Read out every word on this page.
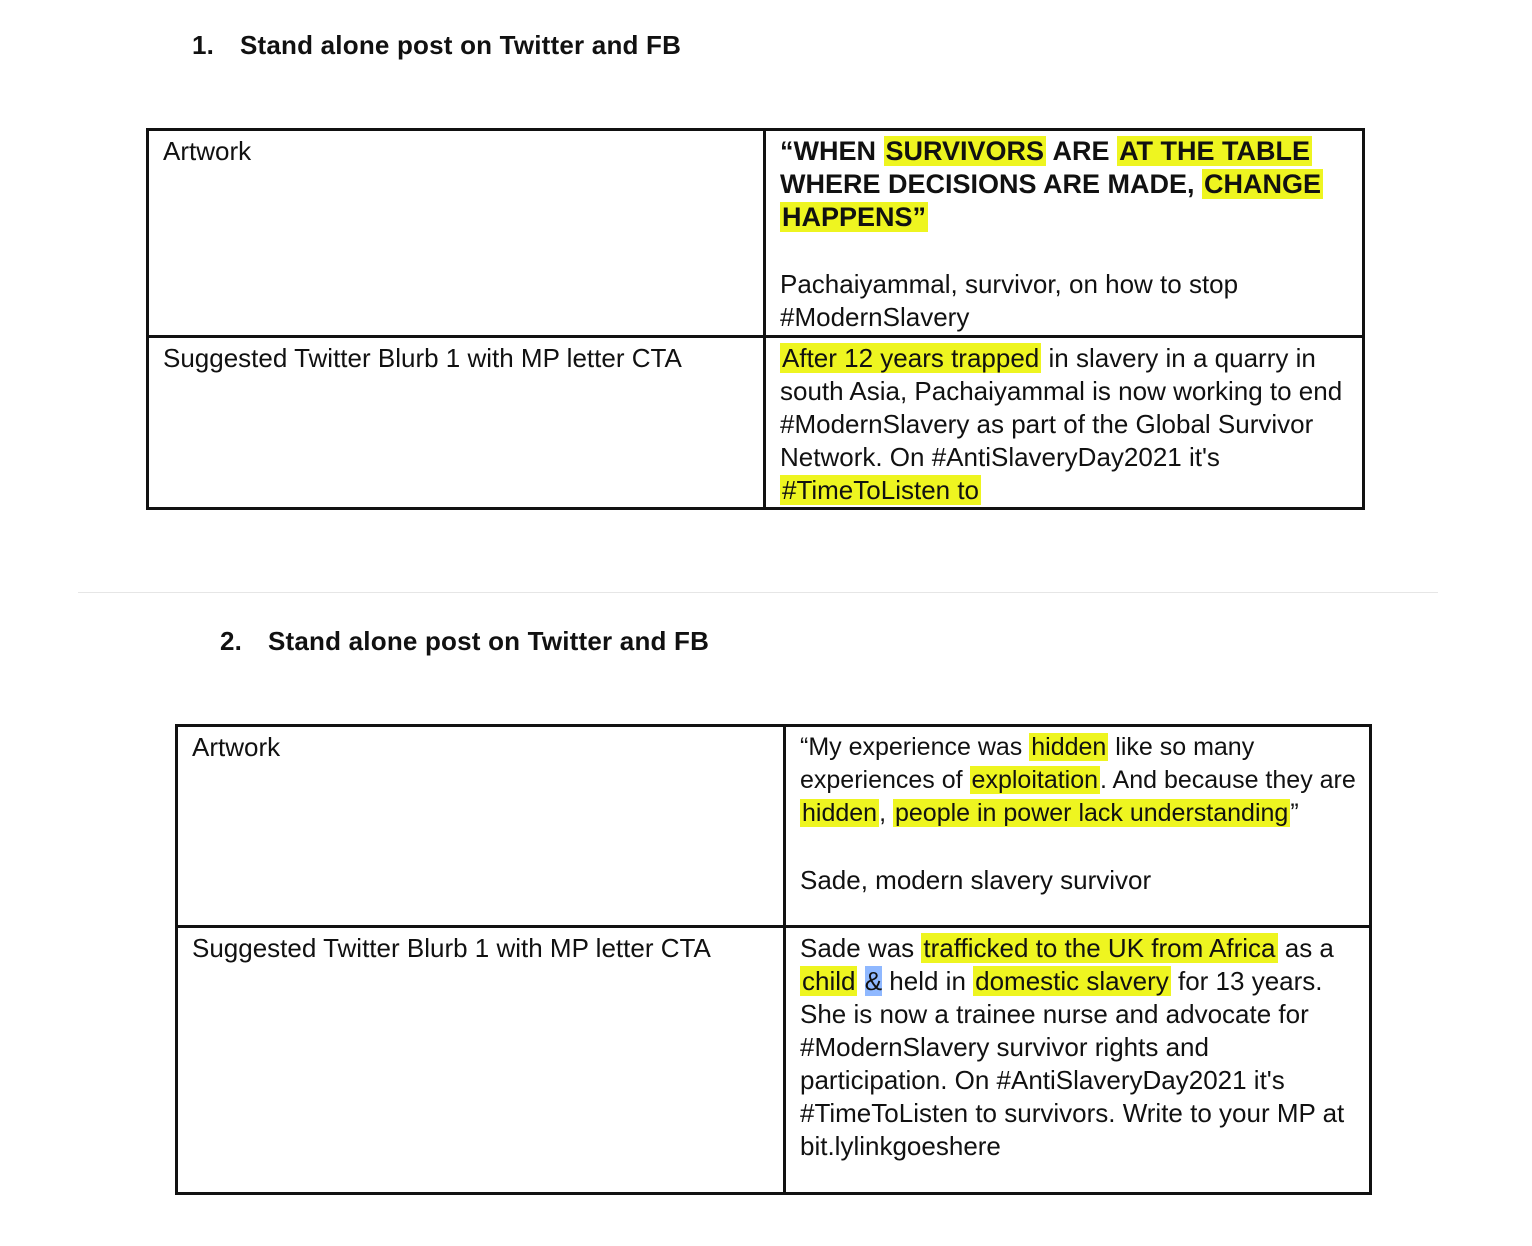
1. Stand alone post on Twitter and FB
Artwork	“WHEN SURVIVORS ARE AT THE TABLE WHERE DECISIONS ARE MADE, CHANGE HAPPENS”
Pachaiyammal, survivor, on how to stop #ModernSlavery

Suggested Twitter Blurb 1 with MP letter CTA	After 12 years trapped in slavery in a quarry in south Asia, Pachaiyammal is now working to end #ModernSlavery as part of the Global Survivor Network. On #AntiSlaveryDay2021 it's #TimeToListen to
2. Stand alone post on Twitter and FB
Artwork	“My experience was hidden like so many experiences of exploitation. And because they are hidden, people in power lack understanding”
Sade, modern slavery survivor

Suggested Twitter Blurb 1 with MP letter CTA	Sade was trafficked to the UK from Africa as a child & held in domestic slavery for 13 years. She is now a trainee nurse and advocate for #ModernSlavery survivor rights and participation. On #AntiSlaveryDay2021 it's #TimeToListen to survivors. Write to your MP at bit.lylinkgoeshere
